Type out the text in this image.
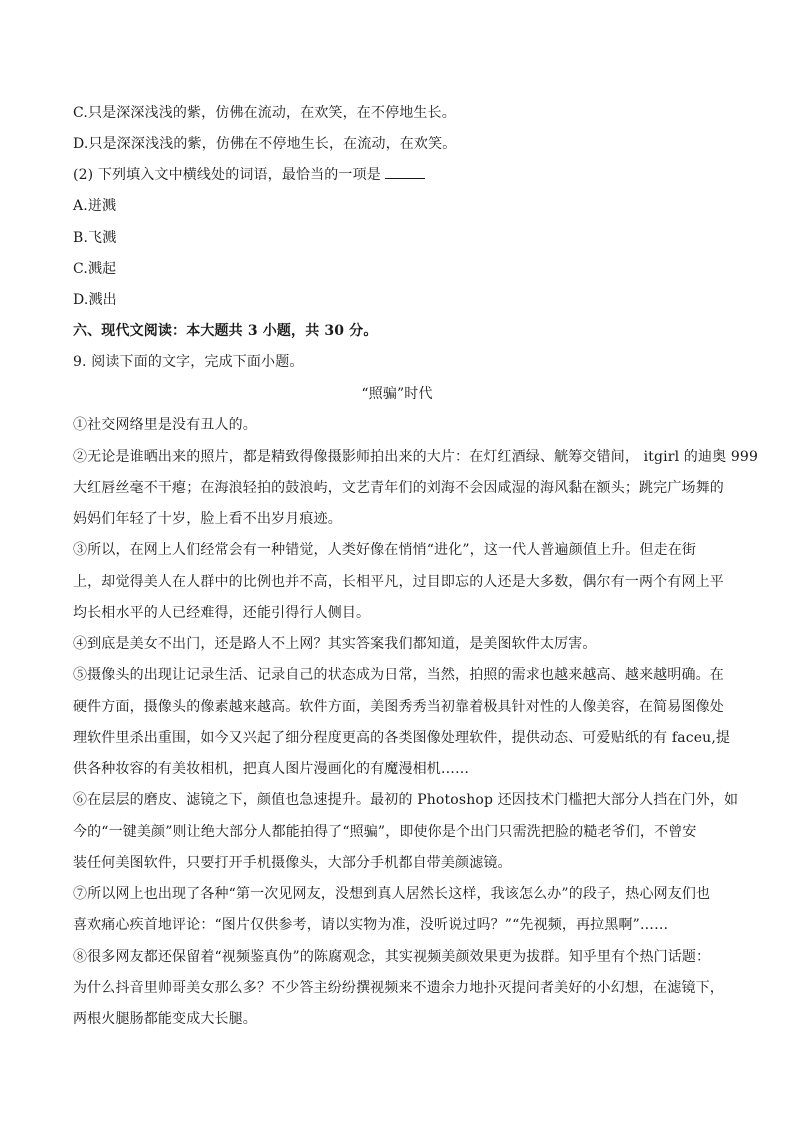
C.只是深深浅浅的紫，仿佛在流动，在欢笑，在不停地生长。
D.只是深深浅浅的紫，仿佛在不停地生长，在流动，在欢笑。
(2) 下列填入文中横线处的词语，最恰当的一项是
A.迸溅
B.飞溅
C.溅起
D.溅出
六、现代文阅读：本大题共 3 小题，共 30 分。
9. 阅读下面的文字，完成下面小题。
“照骗”时代
①社交网络里是没有丑人的。
②无论是谁晒出来的照片，都是精致得像摄影师拍出来的大片：在灯红酒绿、觥筹交错间， itgirl 的迪奥 999
大红唇丝毫不干瘪；在海浪轻拍的鼓浪屿，文艺青年们的刘海不会因咸湿的海风黏在额头；跳完广场舞的
妈妈们年轻了十岁，脸上看不出岁月痕迹。
③所以，在网上人们经常会有一种错觉，人类好像在悄悄“进化”，这一代人普遍颜值上升。但走在街
上，却觉得美人在人群中的比例也并不高，长相平凡，过目即忘的人还是大多数，偶尔有一两个有网上平
均长相水平的人已经难得，还能引得行人侧目。
④到底是美女不出门，还是路人不上网？其实答案我们都知道，是美图软件太厉害。
⑤摄像头的出现让记录生活、记录自己的状态成为日常，当然，拍照的需求也越来越高、越来越明确。在
硬件方面，摄像头的像素越来越高。软件方面，美图秀秀当初靠着极具针对性的人像美容，在简易图像处
理软件里杀出重围，如今又兴起了细分程度更高的各类图像处理软件，提供动态、可爱贴纸的有 faceu,提
供各种妆容的有美妆相机，把真人图片漫画化的有魔漫相机……
⑥在层层的磨皮、滤镜之下，颜值也急速提升。最初的 Photoshop 还因技术门槛把大部分人挡在门外，如
今的“一键美颜”则让绝大部分人都能拍得了“照骗”，即使你是个出门只需洗把脸的糙老爷们，不曾安
装任何美图软件，只要打开手机摄像头，大部分手机都自带美颜滤镜。
⑦所以网上也出现了各种“第一次见网友，没想到真人居然长这样，我该怎么办”的段子，热心网友们也
喜欢痛心疾首地评论：“图片仅供参考，请以实物为准，没听说过吗？”“先视频，再拉黑啊”……
⑧很多网友都还保留着“视频鉴真伪”的陈腐观念，其实视频美颜效果更为拔群。知乎里有个热门话题：
为什么抖音里帅哥美女那么多？不少答主纷纷撰视频来不遗余力地扑灭提问者美好的小幻想，在滤镜下，
两根火腿肠都能变成大长腿。
